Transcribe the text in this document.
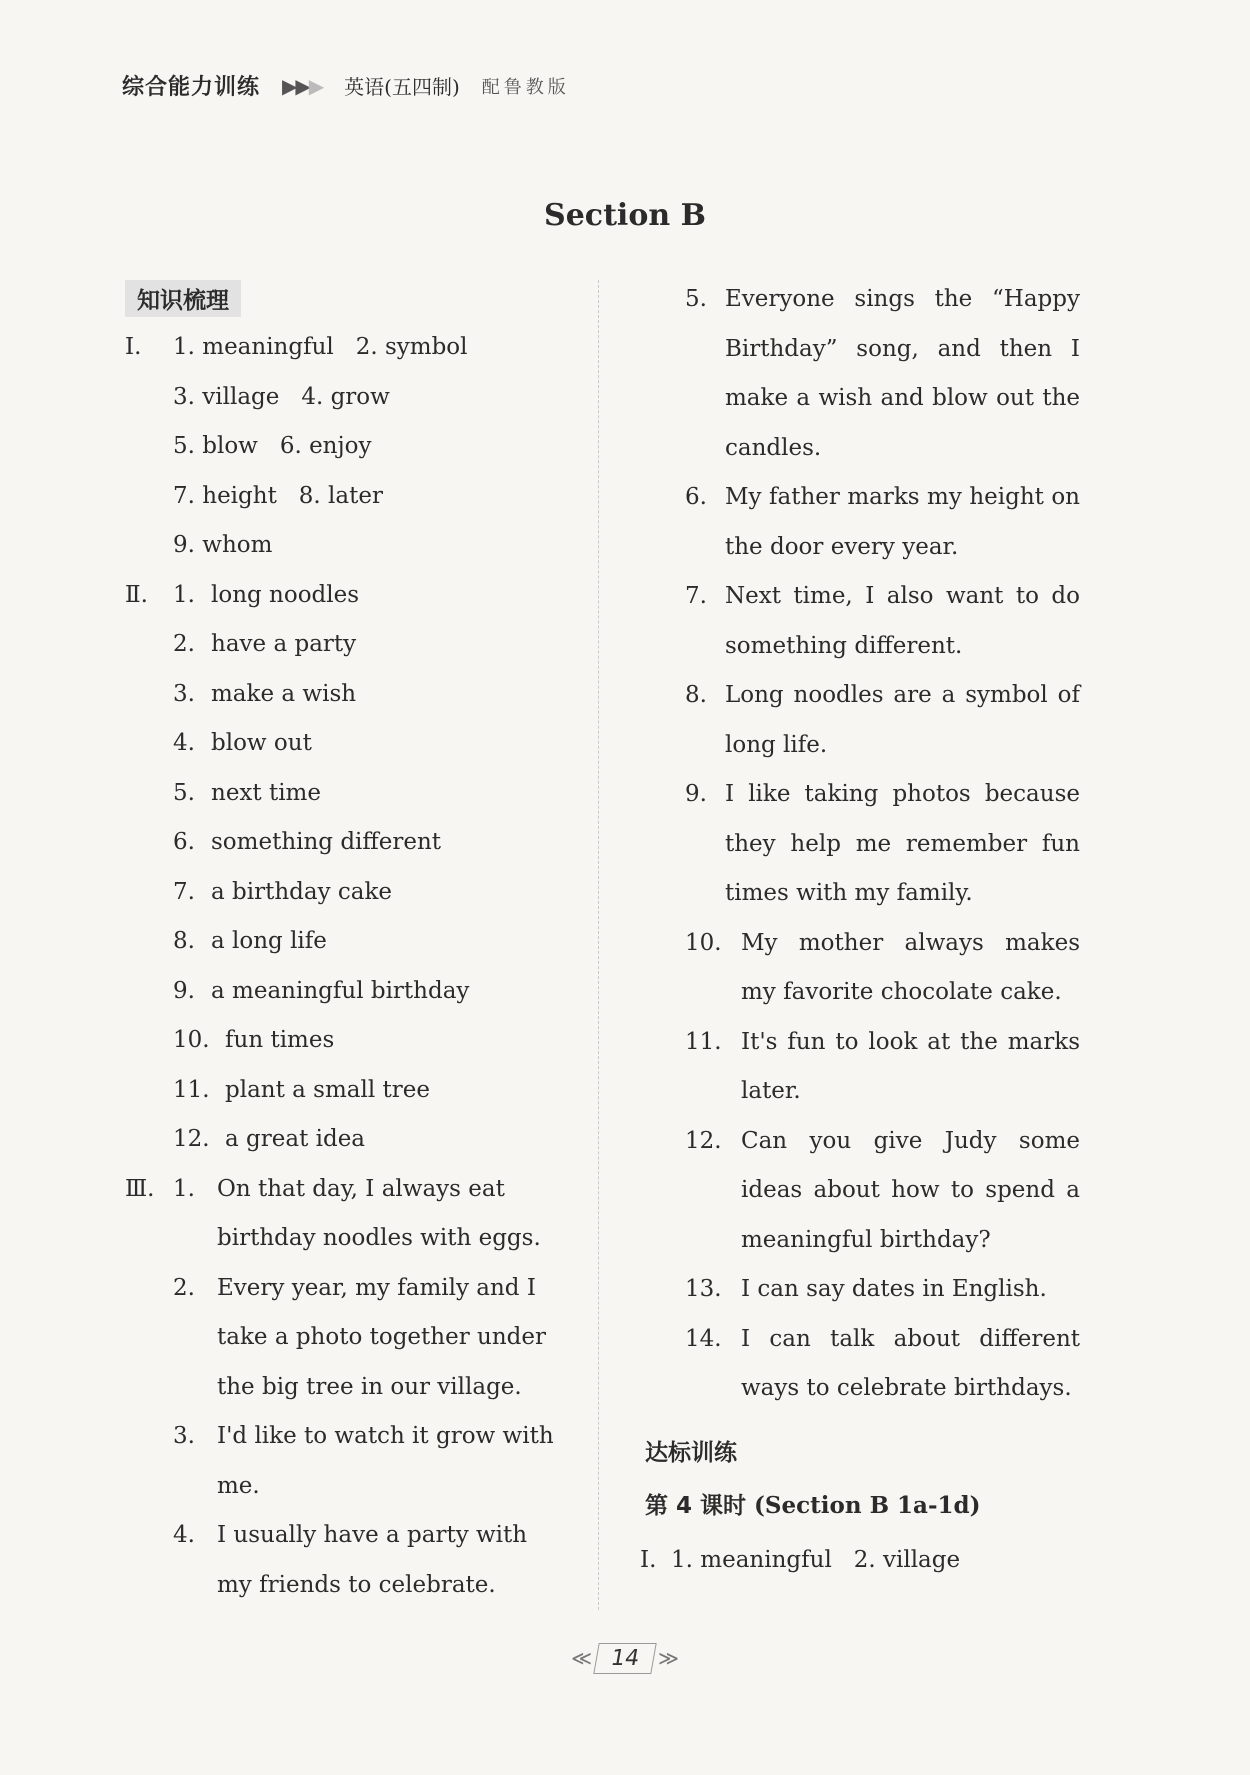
综合能力训练 ▶▶▶ 英语(五四制) 配鲁教版
Section B
知识梳理
Ⅰ. 1. meaningful 2. symbol
3. village 4. grow
5. blow 6. enjoy
7. height 8. later
9. whom
Ⅱ. 1. long noodles
2. have a party
3. make a wish
4. blow out
5. next time
6. something different
7. a birthday cake
8. a long life
9. a meaningful birthday
10. fun times
11. plant a small tree
12. a great idea
Ⅲ. 1. On that day, I always eat
birthday noodles with eggs.
2. Every year, my family and I
take a photo together under
the big tree in our village.
3. I'd like to watch it grow with
me.
4. I usually have a party with
my friends to celebrate.
5. Everyone sings the “Happy Birthday” song, and then I make a wish and blow out the candles.
6. My father marks my height on the door every year.
7. Next time, I also want to do something different.
8. Long noodles are a symbol of long life.
9. I like taking photos because they help me remember fun times with my family.
10. My mother always makes my favorite chocolate cake.
11. It's fun to look at the marks later.
12. Can you give Judy some ideas about how to spend a meaningful birthday?
13. I can say dates in English.
14. I can talk about different ways to celebrate birthdays.
达标训练
第 4 课时 (Section B 1a-1d)
Ⅰ. 1. meaningful   2. village
≪ 14 ≫
